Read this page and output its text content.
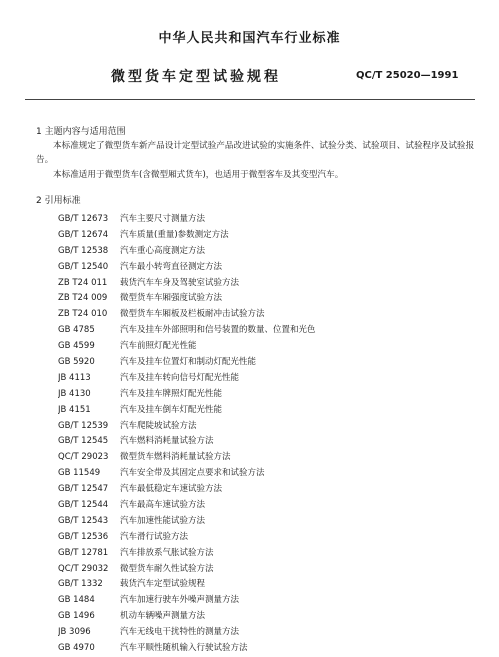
中华人民共和国汽车行业标准
微型货车定型试验规程	QC/T 25020—1991
1 主题内容与适用范围
本标准规定了微型货车新产品设计定型试验产品改进试验的实施条件、试验分类、试验项目、试验程序及试验报告。
本标准适用于微型货车(含微型厢式货车)，也适用于微型客车及其变型汽车。
2 引用标准
GB/T 12673 汽车主要尺寸测量方法
GB/T 12674 汽车质量(重量)参数测定方法
GB/T 12538 汽车重心高度测定方法
GB/T 12540 汽车最小转弯直径测定方法
ZB T24 011 载货汽车车身及驾驶室试验方法
ZB T24 009 微型货车车厢强度试验方法
ZB T24 010 微型货车车厢板及栏板耐冲击试验方法
GB 4785	汽车及挂车外部照明和信号装置的数量、位置和光色
GB 4599	汽车前照灯配光性能
GB 5920	汽车及挂车位置灯和制动灯配光性能
JB 4113	汽车及挂车转向信号灯配光性能
JB 4130	汽车及挂车牌照灯配光性能
JB 4151	汽车及挂车倒车灯配光性能
GB/T 12539 汽车爬陡坡试验方法
GB/T 12545 汽车燃料消耗量试验方法
QC/T 29023 微型货车燃料消耗量试验方法
GB 11549 汽车安全带及其固定点要求和试验方法
GB/T 12547 汽车最低稳定车速试验方法
GB/T 12544 汽车最高车速试验方法
GB/T 12543 汽车加速性能试验方法
GB/T 12536 汽车滑行试验方法
GB/T 12781 汽车排放系气胀试验方法
QC/T 29032 微型货车耐久性试验方法
GB/T 1332 载货汽车定型试验规程
GB 1484	汽车加速行驶车外噪声测量方法
GB 1496	机动车辆噪声测量方法
JB 3096	汽车无线电干扰特性的测量方法
GB 4970	汽车平顺性随机输入行驶试验方法
